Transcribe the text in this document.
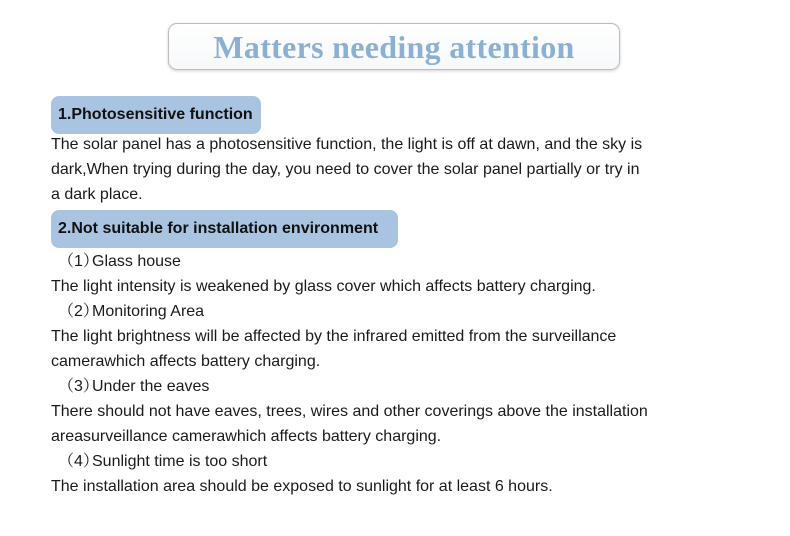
Matters needing attention
1.Photosensitive function
The solar panel has a photosensitive function, the light is off at dawn, and the sky is
dark,When trying during the day, you need to cover the solar panel partially or try in
a dark place.
2.Not suitable for installation environment
（1）Glass house
The light intensity is weakened by glass cover which affects battery charging.
（2）Monitoring Area
The light brightness will be affected by the infrared emitted from the surveillance
camerawhich affects battery charging.
（3）Under the eaves
There should not have eaves, trees, wires and other coverings above the installation
areasurveillance camerawhich affects battery charging.
（4）Sunlight time is too short
The installation area should be exposed to sunlight for at least 6 hours.
